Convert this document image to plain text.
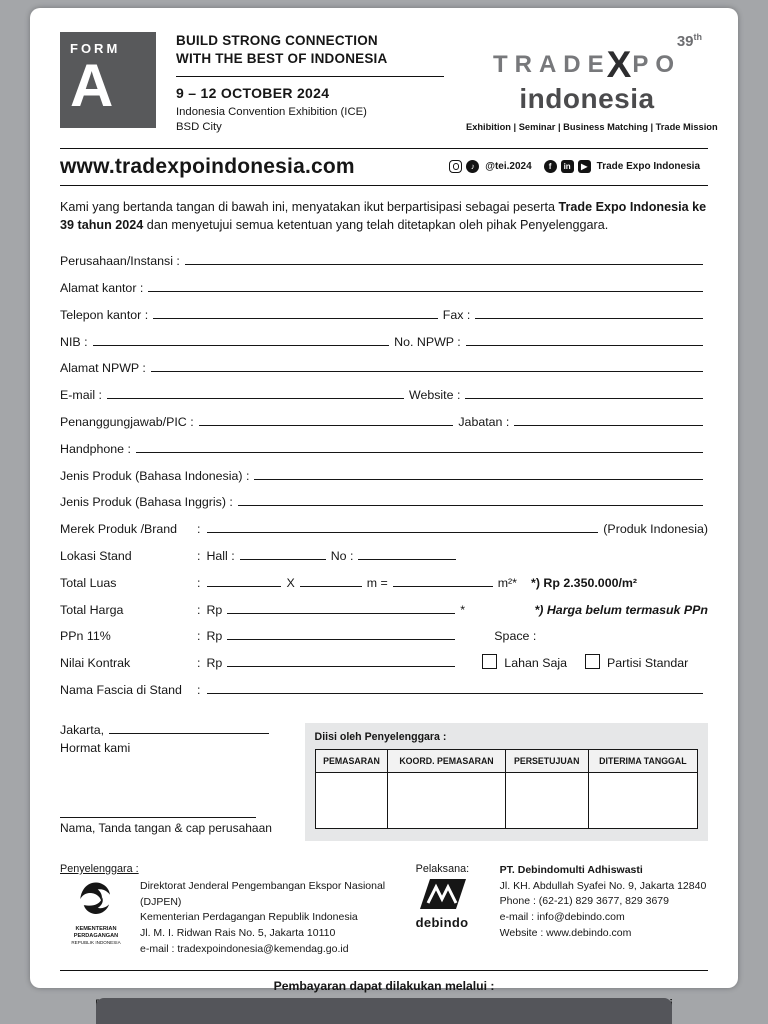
FORM
A
BUILD STRONG CONNECTION
WITH THE BEST OF INDONESIA
9 – 12 OCTOBER 2024
Indonesia Convention Exhibition (ICE)
BSD City
39th
TRADE
X PO
indonesia
Exhibition | Seminar | Business Matching | Trade Mission
www.tradexpoindonesia.com	♪	@tei.2024	f	in	▶ Trade Expo Indonesia

Kami yang bertanda tangan di bawah ini, menyatakan ikut berpartisipasi sebagai peserta Trade Expo Indonesia ke 39 tahun 2024 dan menyetujui semua ketentuan yang telah ditetapkan oleh pihak Penyelenggara.

Perusahaan/Instansi :
Alamat kantor :
Telepon kantor :	Fax :
NIB :	No. NPWP :
Alamat NPWP :
E-mail :	Website :
Penanggungjawab/PIC :	Jabatan :
Handphone :
Jenis Produk (Bahasa Indonesia) :
Jenis Produk (Bahasa Inggris) :
Merek Produk /Brand	:	(Produk Indonesia)
Lokasi Stand	: Hall :	No :
Total Luas	:	X	m =	m²* *) Rp 2.350.000/m²
Total Harga	: Rp	*	*) Harga belum termasuk PPn
PPn 11%	: Rp	Space :
Nilai Kontrak	: Rp	Lahan Saja	Partisi Standar
Nama Fascia di Stand	:
Jakarta,
Hormat kami
Nama, Tanda tangan & cap perusahaan
Diisi oleh Penyelenggara :
PEMASARAN	KOORD. PEMASARAN	PERSETUJUAN	DITERIMA TANGGAL

Penyelenggara :
KEMENTERIAN
PERDAGANGAN
REPUBLIK INDONESIA
Direktorat Jenderal Pengembangan Ekspor Nasional (DJPEN)
Kementerian Perdagangan Republik Indonesia
Jl. M. I. Ridwan Rais No. 5, Jakarta 10110
e-mail : tradexpoindonesia@kemendag.go.id
Pelaksana:
debindo
PT. Debindomulti Adhiswasti
Jl. KH. Abdullah Syafei No. 9, Jakarta 12840
Phone : (62-21) 829 3677, 829 3679
e-mail : info@debindo.com
Website : www.debindo.com
Pembayaran dapat dilakukan melalui :
